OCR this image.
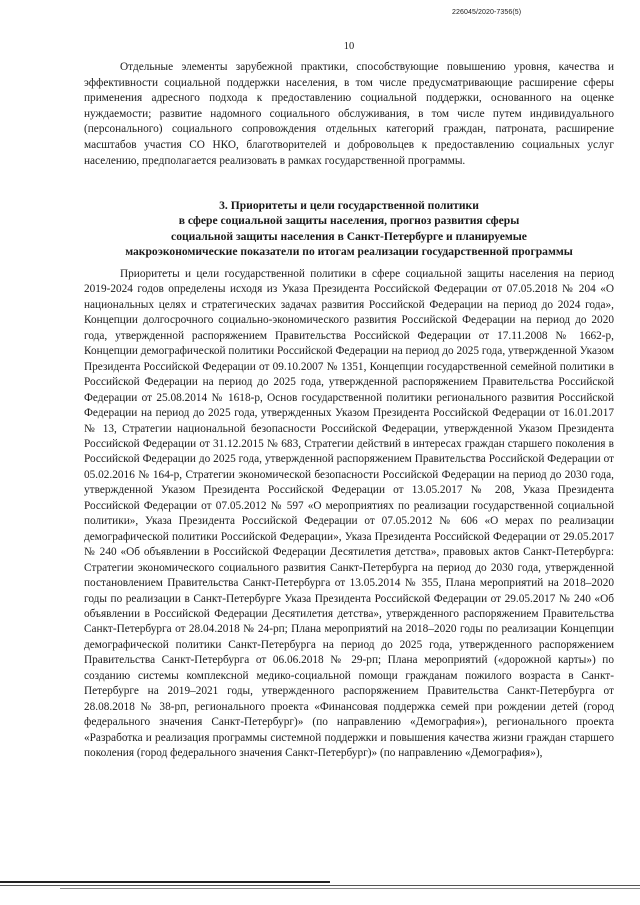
226045/2020-7356(5)
10

Отдельные элементы зарубежной практики, способствующие повышению уровня, качества и эффективности социальной поддержки населения, в том числе предусматривающие расширение сферы применения адресного подхода к предоставлению социальной поддержки, основанного на оценке нуждаемости; развитие надомного социального обслуживания, в том числе путем индивидуального (персонального) социального сопровождения отдельных категорий граждан, патроната, расширение масштабов участия СО НКО, благотворителей и добровольцев к предоставлению социальных услуг населению, предполагается реализовать в рамках государственной программы.

3. Приоритеты и цели государственной политики
в сфере социальной защиты населения, прогноз развития сферы
социальной защиты населения в Санкт-Петербурге и планируемые
макроэкономические показатели по итогам реализации государственной программы

Приоритеты и цели государственной политики в сфере социальной защиты населения на период 2019-2024 годов определены исходя из Указа Президента Российской Федерации от 07.05.2018 № 204 «О национальных целях и стратегических задачах развития Российской Федерации на период до 2024 года», Концепции долгосрочного социально-экономического развития Российской Федерации на период до 2020 года, утвержденной распоряжением Правительства Российской Федерации от 17.11.2008 № 1662-р, Концепции демографической политики Российской Федерации на период до 2025 года, утвержденной Указом Президента Российской Федерации от 09.10.2007 № 1351, Концепции государственной семейной политики в Российской Федерации на период до 2025 года, утвержденной распоряжением Правительства Российской Федерации от 25.08.2014 № 1618-р, Основ государственной политики регионального развития Российской Федерации на период до 2025 года, утвержденных Указом Президента Российской Федерации от 16.01.2017 № 13, Стратегии национальной безопасности Российской Федерации, утвержденной Указом Президента Российской Федерации от 31.12.2015 № 683, Стратегии действий в интересах граждан старшего поколения в Российской Федерации до 2025 года, утвержденной распоряжением Правительства Российской Федерации от 05.02.2016 № 164-р, Стратегии экономической безопасности Российской Федерации на период до 2030 года, утвержденной Указом Президента Российской Федерации от 13.05.2017 № 208, Указа Президента Российской Федерации от 07.05.2012 № 597 «О мероприятиях по реализации государственной социальной политики», Указа Президента Российской Федерации от 07.05.2012 № 606 «О мерах по реализации демографической политики Российской Федерации», Указа Президента Российской Федерации от 29.05.2017 № 240 «Об объявлении в Российской Федерации Десятилетия детства», правовых актов Санкт-Петербурга: Стратегии экономического социального развития Санкт-Петербурга на период до 2030 года, утвержденной постановлением Правительства Санкт-Петербурга от 13.05.2014 № 355, Плана мероприятий на 2018–2020 годы по реализации в Санкт-Петербурге Указа Президента Российской Федерации от 29.05.2017 № 240 «Об объявлении в Российской Федерации Десятилетия детства», утвержденного распоряжением Правительства Санкт-Петербурга от 28.04.2018 № 24-рп; Плана мероприятий на 2018–2020 годы по реализации Концепции демографической политики Санкт-Петербурга на период до 2025 года, утвержденного распоряжением Правительства Санкт-Петербурга от 06.06.2018 № 29-рп; Плана мероприятий («дорожной карты») по созданию системы комплексной медико-социальной помощи гражданам пожилого возраста в Санкт-Петербурге на 2019–2021 годы, утвержденного распоряжением Правительства Санкт-Петербурга от 28.08.2018 № 38-рп, регионального проекта «Финансовая поддержка семей при рождении детей (город федерального значения Санкт-Петербург)» (по направлению «Демография»), регионального проекта «Разработка и реализация программы системной поддержки и повышения качества жизни граждан старшего поколения (город федерального значения Санкт-Петербург)» (по направлению «Демография»),
